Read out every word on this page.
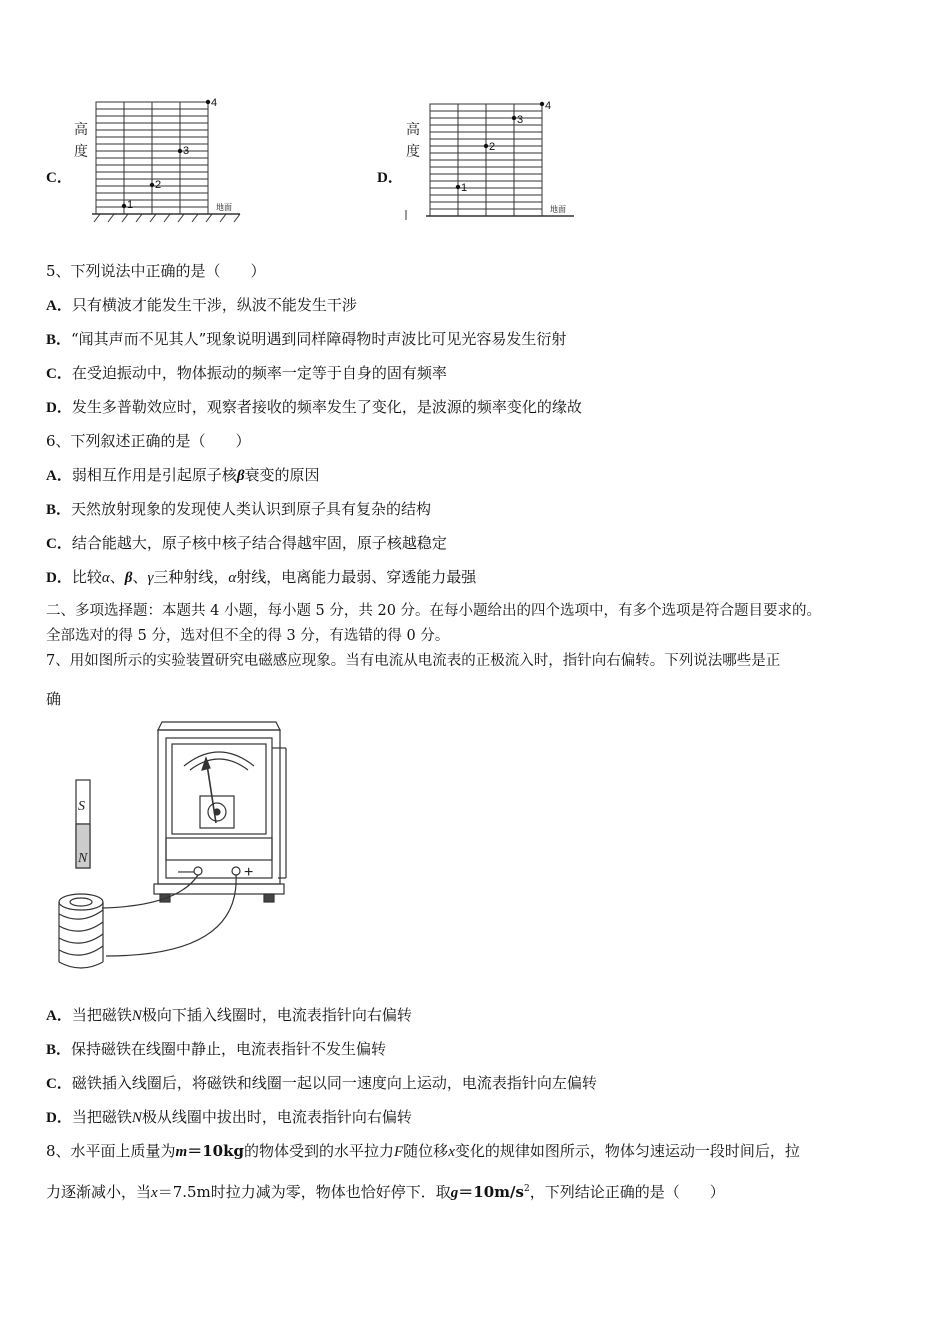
C．
1
2
3
4
地面
高
度
D．
1
2
3
4
地面
高
度
5、下列说法中正确的是（　　）
A．只有横波才能发生干涉，纵波不能发生干涉
B．“闻其声而不见其人”现象说明遇到同样障碍物时声波比可见光容易发生衍射
C．在受迫振动中，物体振动的频率一定等于自身的固有频率
D．发生多普勒效应时，观察者接收的频率发生了变化，是波源的频率变化的缘故
6、下列叙述正确的是（　　）
A．弱相互作用是引起原子核β衰变的原因
B．天然放射现象的发现使人类认识到原子具有复杂的结构
C．结合能越大，原子核中核子结合得越牢固，原子核越稳定
D．比较α、β、γ三种射线，α射线，电离能力最弱、穿透能力最强
二、多项选择题：本题共 4 小题，每小题 5 分，共 20 分。在每小题给出的四个选项中，有多个选项是符合题目要求的。
全部选对的得 5 分，选对但不全的得 3 分，有选错的得 0 分。
7、用如图所示的实验装置研究电磁感应现象。当有电流从电流表的正极流入时，指针向右偏转。下列说法哪些是正
确
S
N
—	+
A．当把磁铁N极向下插入线圈时，电流表指针向右偏转
B．保持磁铁在线圈中静止，电流表指针不发生偏转
C．磁铁插入线圈后，将磁铁和线圈一起以同一速度向上运动，电流表指针向左偏转
D．当把磁铁N极从线圈中拔出时，电流表指针向右偏转
8、水平面上质量为m＝10kg的物体受到的水平拉力F随位移x变化的规律如图所示，物体匀速运动一段时间后，拉
力逐渐减小，当x＝7.5m时拉力减为零，物体也恰好停下．取$g=10m/s^2$，下列结论正确的是（　　）
